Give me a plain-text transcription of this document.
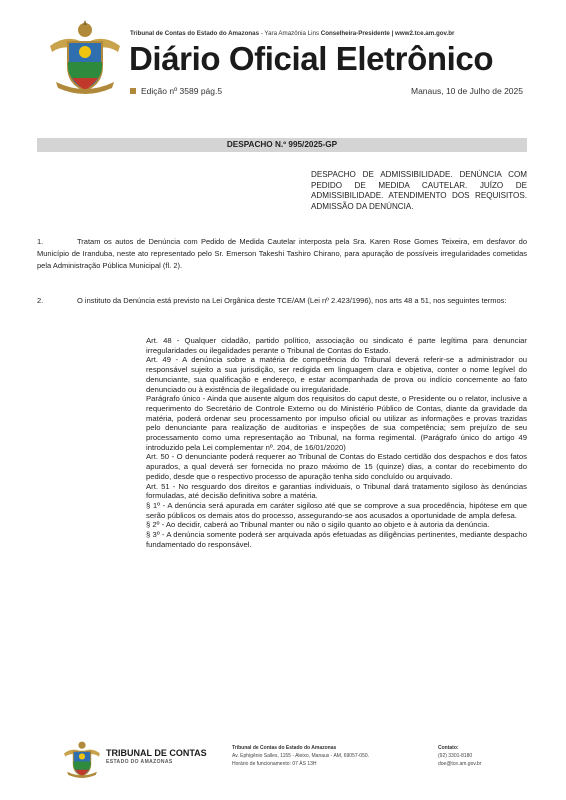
Tribunal de Contas do Estado do Amazonas - Yara Amazônia Lins Conselheira-Presidente | www2.tce.am.gov.br
Diário Oficial Eletrônico
Edição nº 3589 pág.5	Manaus, 10 de Julho de 2025
DESPACHO N.º 995/2025-GP
DESPACHO DE ADMISSIBILIDADE. DENÚNCIA COM PEDIDO DE MEDIDA CAUTELAR. JUÍZO DE ADMISSIBILIDADE. ATENDIMENTO DOS REQUISITOS. ADMISSÃO DA DENÚNCIA.
1.	Tratam os autos de Denúncia com Pedido de Medida Cautelar interposta pela Sra. Karen Rose Gomes Teixeira, em desfavor do Município de Iranduba, neste ato representado pelo Sr. Emerson Takeshi Tashiro Chirano, para apuração de possíveis irregularidades cometidas pela Administração Pública Municipal (fl. 2).
2.	O instituto da Denúncia está previsto na Lei Orgânica deste TCE/AM (Lei nº 2.423/1996), nos arts 48 a 51, nos seguintes termos:

Art. 48 - Qualquer cidadão, partido político, associação ou sindicato é parte legítima para denunciar irregularidades ou ilegalidades perante o Tribunal de Contas do Estado.

Art. 49 - A denúncia sobre a matéria de competência do Tribunal deverá referir-se a administrador ou responsável sujeito a sua jurisdição, ser redigida em linguagem clara e objetiva, conter o nome legível do denunciante, sua qualificação e endereço, e estar acompanhada de prova ou indício concernente ao fato denunciado ou à existência de ilegalidade ou irregularidade.

Parágrafo único - Ainda que ausente algum dos requisitos do caput deste, o Presidente ou o relator, inclusive a requerimento do Secretário de Controle Externo ou do Ministério Público de Contas, diante da gravidade da matéria, poderá ordenar seu processamento por impulso oficial ou utilizar as informações e provas trazidas pelo denunciante para realização de auditorias e inspeções de sua competência; sem prejuízo de seu processamento como uma representação ao Tribunal, na forma regimental. (Parágrafo único do artigo 49 introduzido pela Lei complementar nº. 204, de 16/01/2020)

Art. 50 - O denunciante poderá requerer ao Tribunal de Contas do Estado certidão dos despachos e dos fatos apurados, a qual deverá ser fornecida no prazo máximo de 15 (quinze) dias, a contar do recebimento do pedido, desde que o respectivo processo de apuração tenha sido concluído ou arquivado.

Art. 51 - No resguardo dos direitos e garantias individuais, o Tribunal dará tratamento sigiloso às denúncias formuladas, até decisão definitiva sobre a matéria.

§ 1º - A denúncia será apurada em caráter sigiloso até que se comprove a sua procedência, hipótese em que serão públicos os demais atos do processo, assegurando-se aos acusados a oportunidade de ampla defesa.

§ 2º - Ao decidir, caberá ao Tribunal manter ou não o sigilo quanto ao objeto e à autoria da denúncia.

§ 3º - A denúncia somente poderá ser arquivada após efetuadas as diligências pertinentes, mediante despacho fundamentado do responsável.

TRIBUNAL DE CONTAS
ESTADO DO AMAZONAS
Tribunal de Contas do Estado do Amazonas
Av. Ephigênio Salles, 1155 - Aleixo, Manaus - AM, 69057-050.
Horário de funcionamento: 07 ÀS 13H
Contato:
(92) 3301-8180
doe@tce.am.gov.br
